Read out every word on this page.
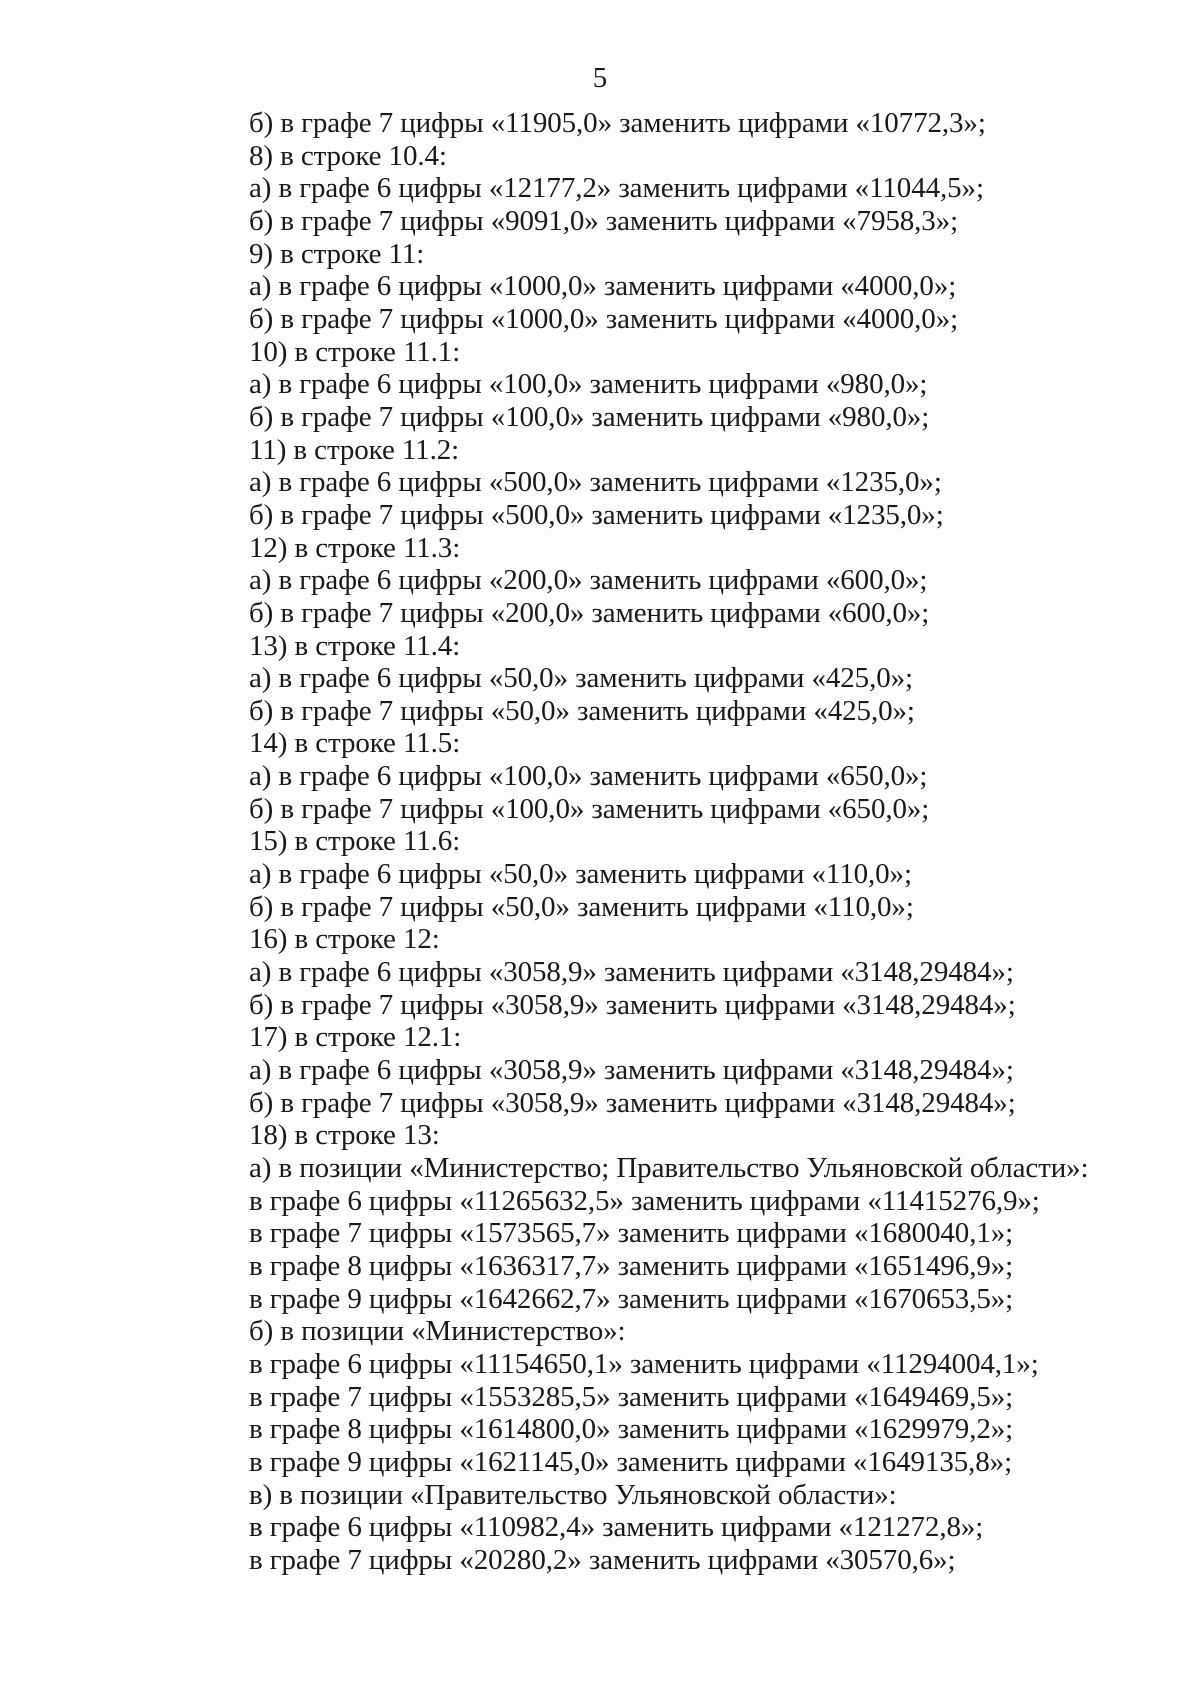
5
б) в графе 7 цифры «11905,0» заменить цифрами «10772,3»;
8) в строке 10.4:
а) в графе 6 цифры «12177,2» заменить цифрами «11044,5»;
б) в графе 7 цифры «9091,0» заменить цифрами «7958,3»;
9) в строке 11:
а) в графе 6 цифры «1000,0» заменить цифрами «4000,0»;
б) в графе 7 цифры «1000,0» заменить цифрами «4000,0»;
10) в строке 11.1:
а) в графе 6 цифры «100,0» заменить цифрами «980,0»;
б) в графе 7 цифры «100,0» заменить цифрами «980,0»;
11) в строке 11.2:
а) в графе 6 цифры «500,0» заменить цифрами «1235,0»;
б) в графе 7 цифры «500,0» заменить цифрами «1235,0»;
12) в строке 11.3:
а) в графе 6 цифры «200,0» заменить цифрами «600,0»;
б) в графе 7 цифры «200,0» заменить цифрами «600,0»;
13) в строке 11.4:
а) в графе 6 цифры «50,0» заменить цифрами «425,0»;
б) в графе 7 цифры «50,0» заменить цифрами «425,0»;
14) в строке 11.5:
а) в графе 6 цифры «100,0» заменить цифрами «650,0»;
б) в графе 7 цифры «100,0» заменить цифрами «650,0»;
15) в строке 11.6:
а) в графе 6 цифры «50,0» заменить цифрами «110,0»;
б) в графе 7 цифры «50,0» заменить цифрами «110,0»;
16) в строке 12:
а) в графе 6 цифры «3058,9» заменить цифрами «3148,29484»;
б) в графе 7 цифры «3058,9» заменить цифрами «3148,29484»;
17) в строке 12.1:
а) в графе 6 цифры «3058,9» заменить цифрами «3148,29484»;
б) в графе 7 цифры «3058,9» заменить цифрами «3148,29484»;
18) в строке 13:
а) в позиции «Министерство; Правительство Ульяновской области»:
в графе 6 цифры «11265632,5» заменить цифрами «11415276,9»;
в графе 7 цифры «1573565,7» заменить цифрами «1680040,1»;
в графе 8 цифры «1636317,7» заменить цифрами «1651496,9»;
в графе 9 цифры «1642662,7» заменить цифрами «1670653,5»;
б) в позиции «Министерство»:
в графе 6 цифры «11154650,1» заменить цифрами «11294004,1»;
в графе 7 цифры «1553285,5» заменить цифрами «1649469,5»;
в графе 8 цифры «1614800,0» заменить цифрами «1629979,2»;
в графе 9 цифры «1621145,0» заменить цифрами «1649135,8»;
в) в позиции «Правительство Ульяновской области»:
в графе 6 цифры «110982,4» заменить цифрами «121272,8»;
в графе 7 цифры «20280,2» заменить цифрами «30570,6»;
